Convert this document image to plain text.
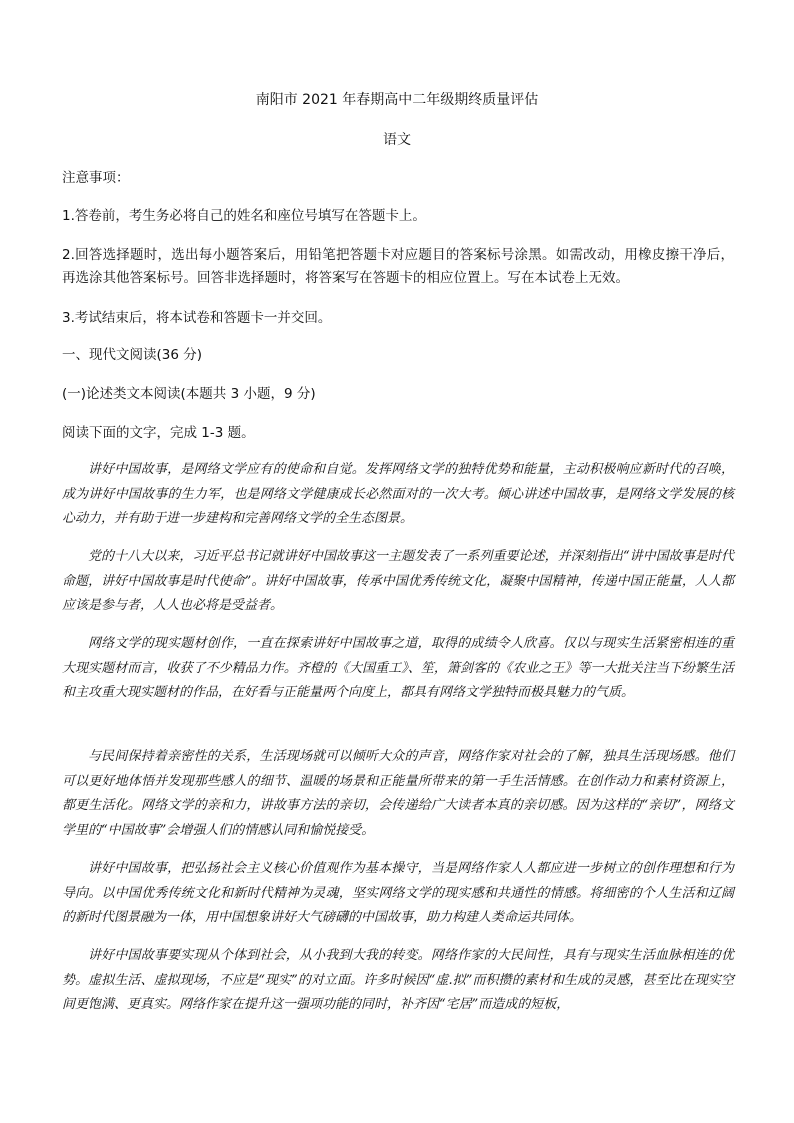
南阳市 2021 年春期高中二年级期终质量评估
语文
注意事项：
1.答卷前，考生务必将自己的姓名和座位号填写在答题卡上。
2.回答选择题时，选出每小题答案后，用铅笔把答题卡对应题目的答案标号涂黑。如需改动，用橡皮擦干净后，再选涂其他答案标号。回答非选择题时，将答案写在答题卡的相应位置上。写在本试卷上无效。
3.考试结束后，将本试卷和答题卡一并交回。
一、现代文阅读(36 分)
(一)论述类文本阅读(本题共 3 小题，9 分)
阅读下面的文字，完成 1-3 题。
讲好中国故事，是网络文学应有的使命和自觉。发挥网络文学的独特优势和能量，主动积极响应新时代的召唤，成为讲好中国故事的生力军，也是网络文学健康成长必然面对的一次大考。倾心讲述中国故事，是网络文学发展的核心动力，并有助于进一步建构和完善网络文学的全生态图景。
党的十八大以来，习近平总书记就讲好中国故事这一主题发表了一系列重要论述，并深刻指出“讲中国故事是时代命题，讲好中国故事是时代使命”。讲好中国故事，传承中国优秀传统文化，凝聚中国精神，传递中国正能量，人人都应该是参与者，人人也必将是受益者。
网络文学的现实题材创作，一直在探索讲好中国故事之道，取得的成绩令人欣喜。仅以与现实生活紧密相连的重大现实题材而言，收获了不少精品力作。齐橙的《大国重工》、笙，箫剑客的《农业之王》等一大批关注当下纷繁生活和主攻重大现实题材的作品，在好看与正能量两个向度上，都具有网络文学独特而极具魅力的气质。
与民间保持着亲密性的关系，生活现场就可以倾听大众的声音，网络作家对社会的了解，独具生活现场感。他们可以更好地体悟并发现那些感人的细节、温暖的场景和正能量所带来的第一手生活情感。在创作动力和素材资源上，都更生活化。网络文学的亲和力，讲故事方法的亲切，会传递给广大读者本真的亲切感。因为这样的“亲切”，网络文学里的“中国故事”会增强人们的情感认同和愉悦接受。
讲好中国故事，把弘扬社会主义核心价值观作为基本操守，当是网络作家人人都应进一步树立的创作理想和行为导向。以中国优秀传统文化和新时代精神为灵魂，坚实网络文学的现实感和共通性的情感。将细密的个人生活和辽阔的新时代图景融为一体，用中国想象讲好大气磅礴的中国故事，助力构建人类命运共同体。
讲好中国故事要实现从个体到社会，从小我到大我的转变。网络作家的大民间性，具有与现实生活血脉相连的优势。虚拟生活、虚拟现场，不应是“现实”的对立面。许多时候因“虚.拟”而积攒的素材和生成的灵感，甚至比在现实空间更饱满、更真实。网络作家在提升这一强项功能的同时，补齐因“宅居”而造成的短板，
